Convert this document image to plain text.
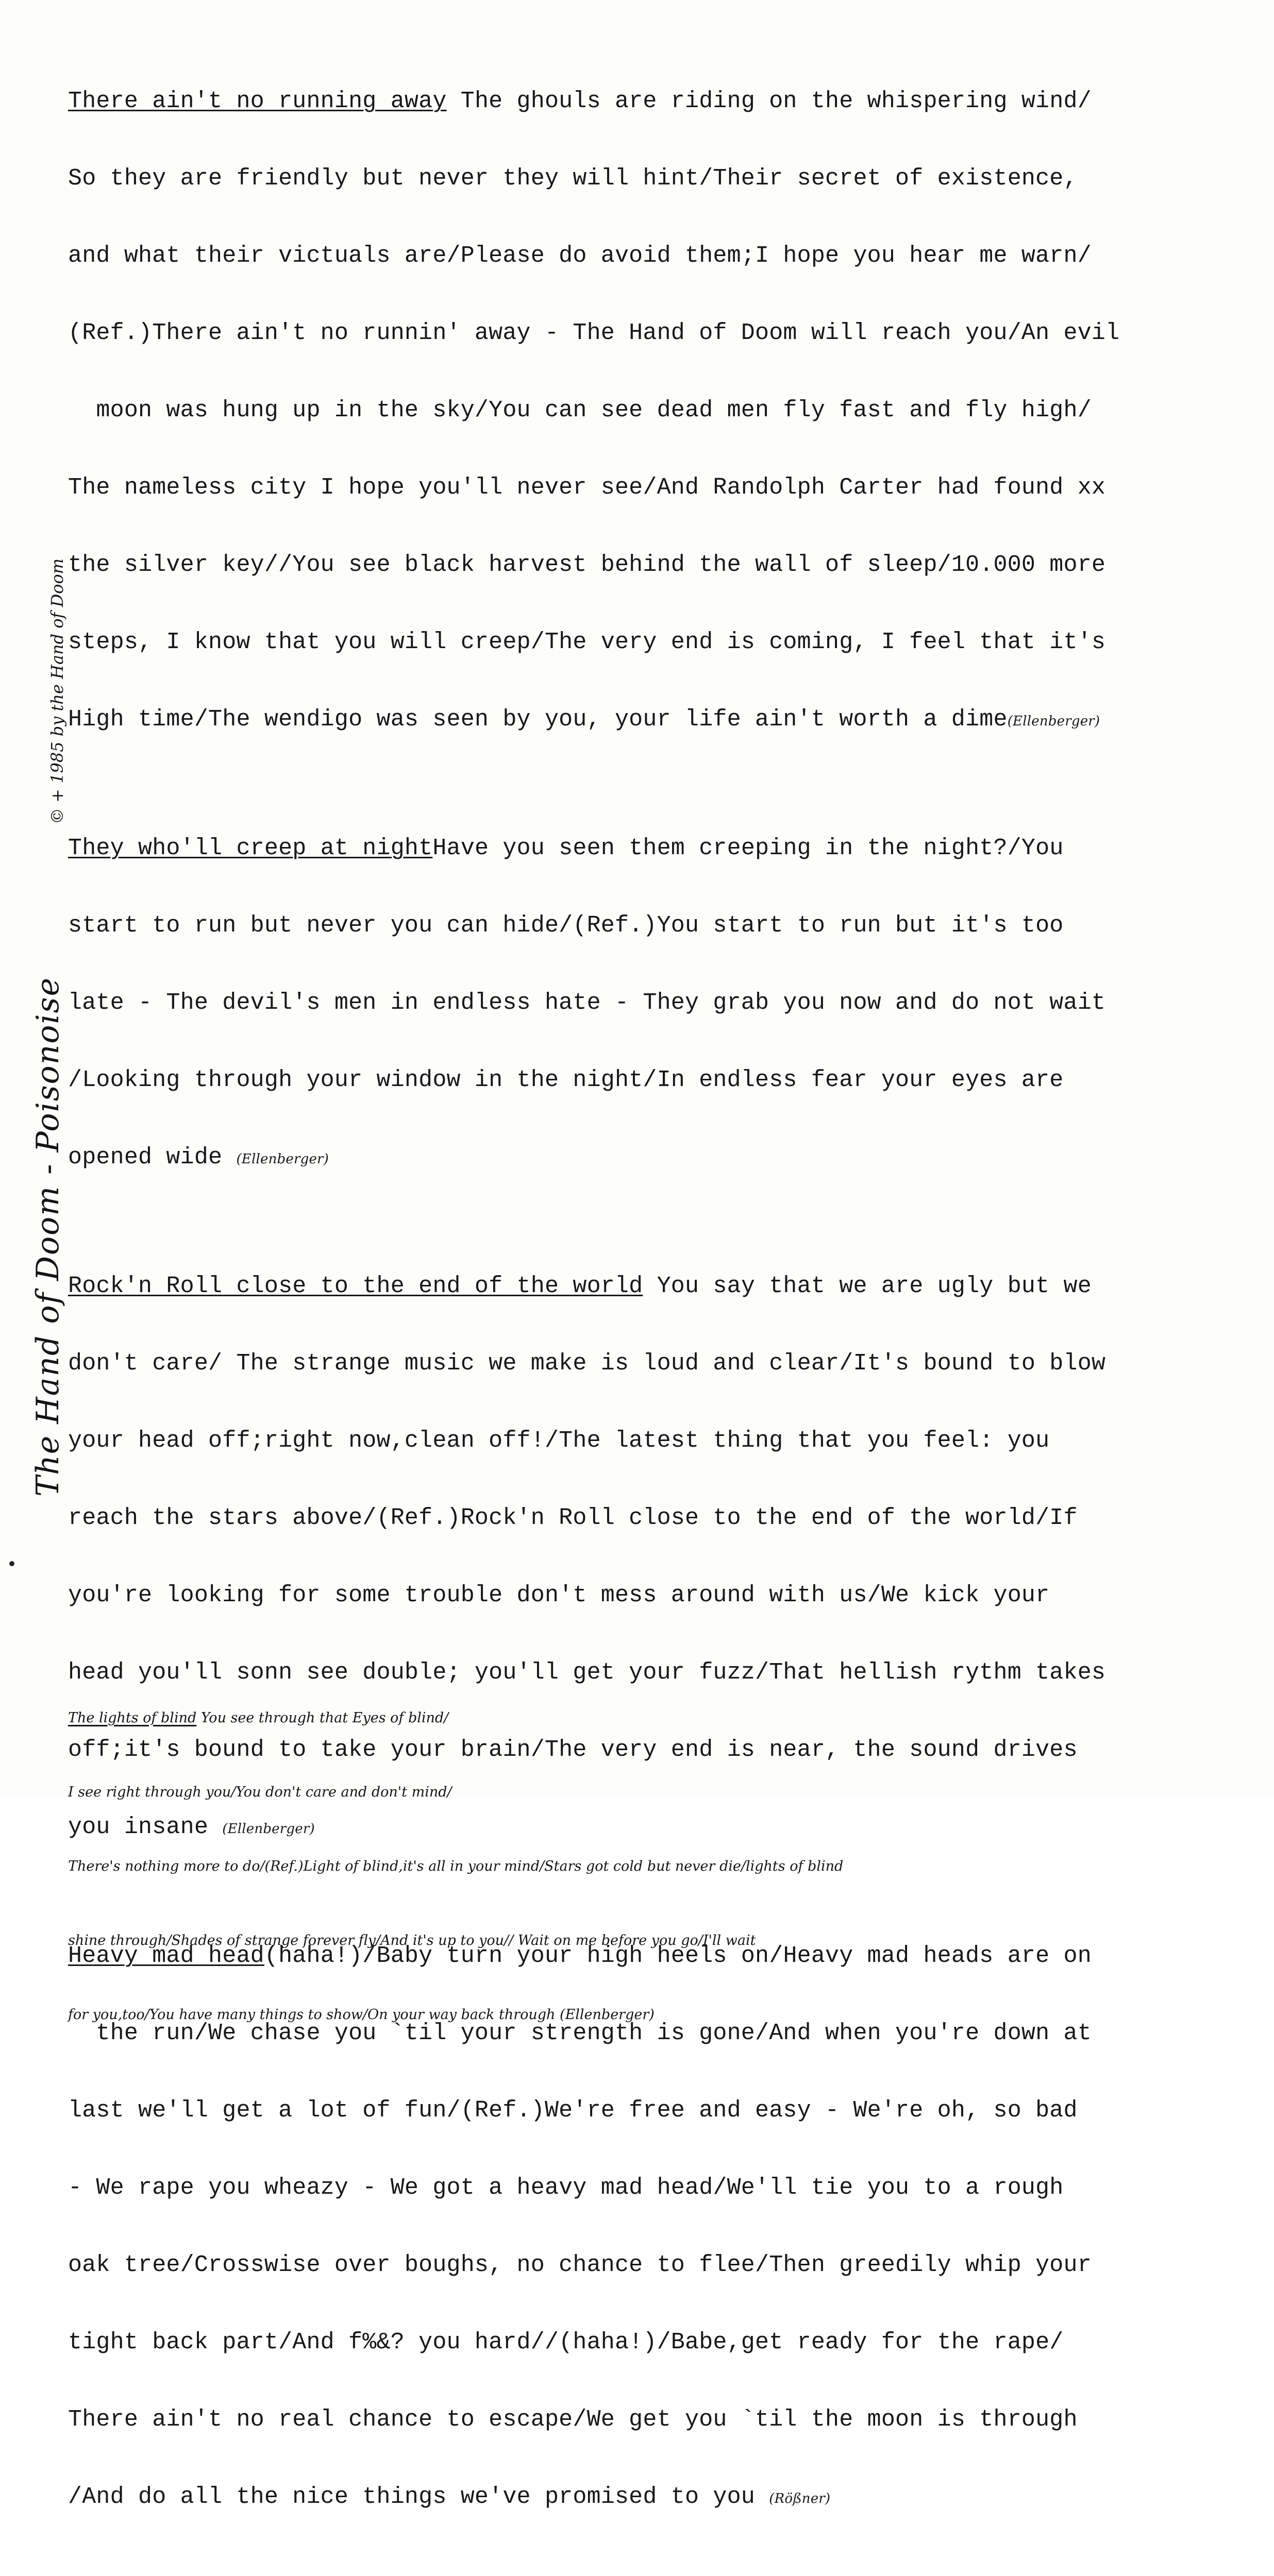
The Hand of Doom - Poisonoise
© + 1985 by the Hand of Doom

There ain't no running away The ghouls are riding on the whispering wind/

So they are friendly but never they will hint/Their secret of existence,

and what their victuals are/Please do avoid them;I hope you hear me warn/

(Ref.)There ain't no runnin' away - The Hand of Doom will reach you/An evil

moon was hung up in the sky/You can see dead men fly fast and fly high/

The nameless city I hope you'll never see/And Randolph Carter had found xx

the silver key//You see black harvest behind the wall of sleep/10.000 more

steps, I know that you will creep/The very end is coming, I feel that it's

High time/The wendigo was seen by you, your life ain't worth a dime(Ellenberger)

They who'll creep at nightHave you seen them creeping in the night?/You

start to run but never you can hide/(Ref.)You start to run but it's too

late - The devil's men in endless hate - They grab you now and do not wait

/Looking through your window in the night/In endless fear your eyes are

opened wide (Ellenberger)

Rock'n Roll close to the end of the world You say that we are ugly but we

don't care/ The strange music we make is loud and clear/It's bound to blow

your head off;right now,clean off!/The latest thing that you feel: you

reach the stars above/(Ref.)Rock'n Roll close to the end of the world/If

you're looking for some trouble don't mess around with us/We kick your

head you'll sonn see double; you'll get your fuzz/That hellish rythm takes

off;it's bound to take your brain/The very end is near, the sound drives

you insane (Ellenberger)

Heavy mad head(haha!)/Baby turn your high heels on/Heavy mad heads are on

the run/We chase you `til your strength is gone/And when you're down at

last we'll get a lot of fun/(Ref.)We're free and easy - We're oh, so bad

- We rape you wheazy - We got a heavy mad head/We'll tie you to a rough

oak tree/Crosswise over boughs, no chance to flee/Then greedily whip your

tight back part/And f%&? you hard//(haha!)/Babe,get ready for the rape/

There ain't no real chance to escape/We get you `til the moon is through

/And do all the nice things we've promised to you (Rößner)

The lights of blind You see through that Eyes of blind/

I see right through you/You don't care and don't mind/

There's nothing more to do/(Ref.)Light of blind,it's all in your mind/Stars got cold but never die/lights of blind

shine through/Shades of strange forever fly/And it's up to you// Wait on me before you go/I'll wait

for you,too/You have many things to show/On your way back through (Ellenberger)
